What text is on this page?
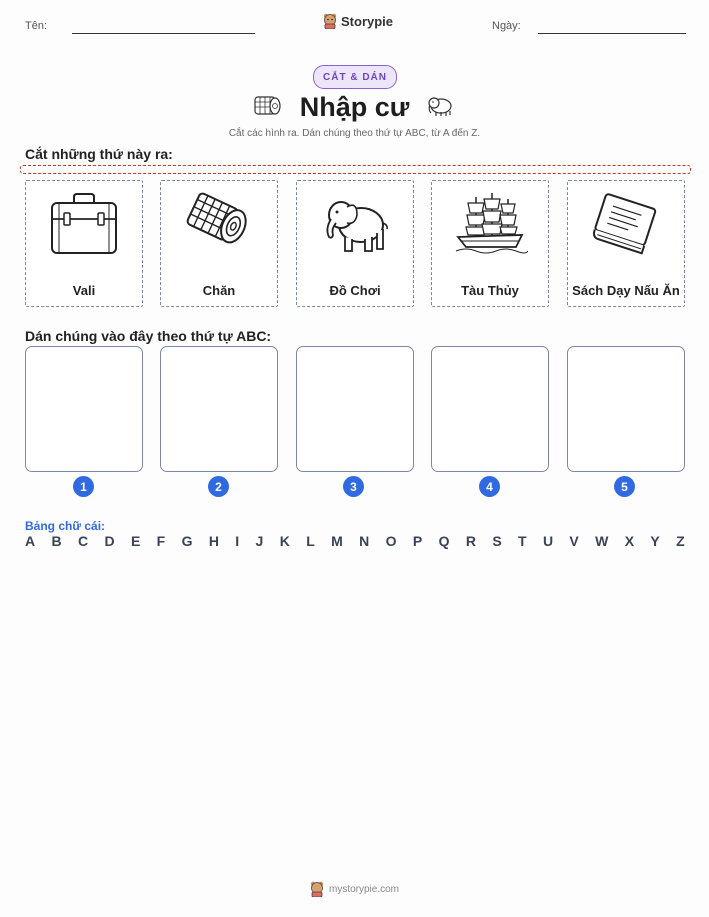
Tên:	Storypie	Ngày:
CẮT & DÁN
Nhập cư
Cắt các hình ra. Dán chúng theo thứ tự ABC, từ A đến Z.
Cắt những thứ này ra:
Vali	Chăn	Đồ Chơi	Tàu Thủy	Sách Dạy Nấu Ăn
Dán chúng vào đây theo thứ tự ABC:
1	2	3	4	5
Bảng chữ cái:
A B C D E F G H I J K L M N O P Q R S T U V W X Y Z
mystorypie.com
